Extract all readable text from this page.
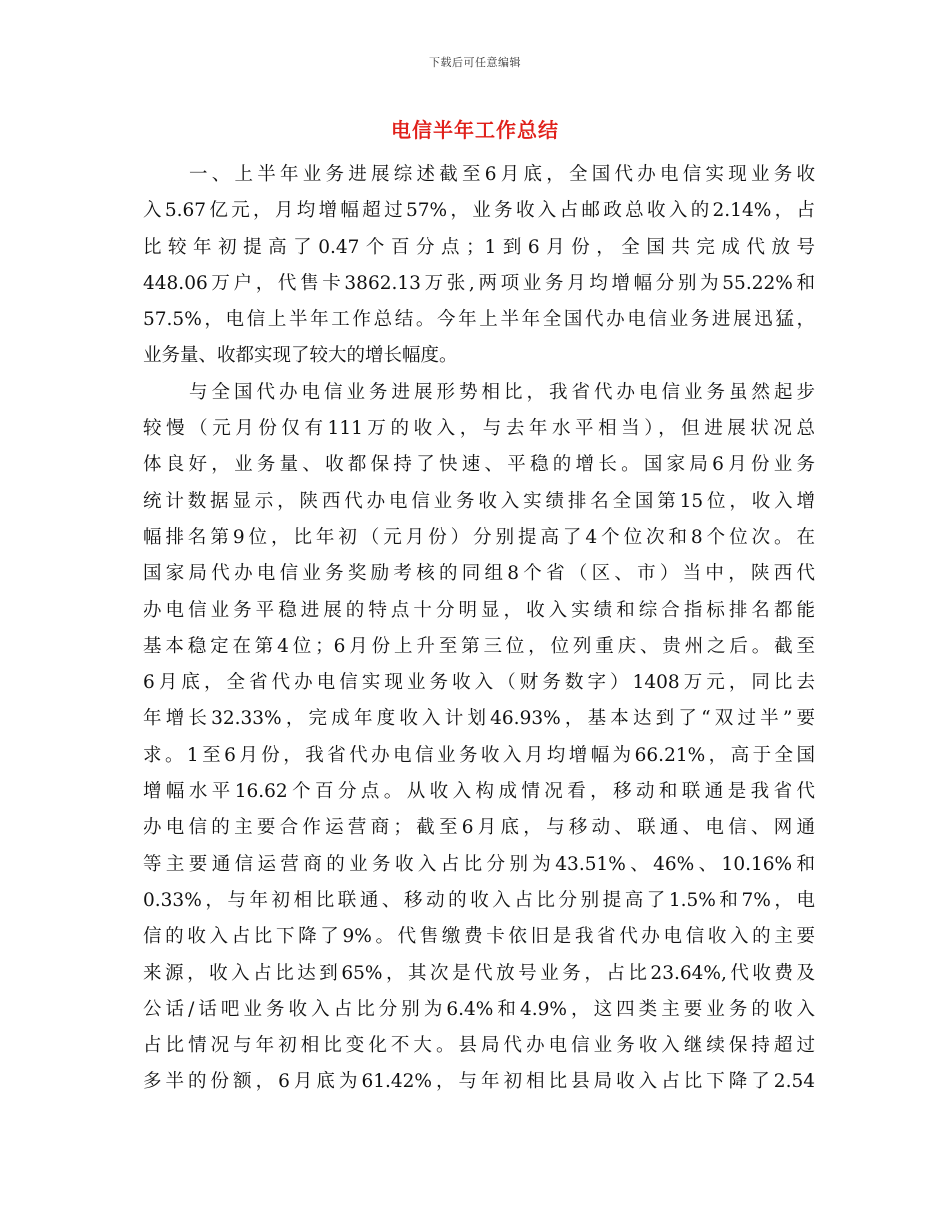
下载后可任意编辑
电信半年工作总结
一、上半年业务进展综述截至6月底，全国代办电信实现业务收
入5.67亿元，月均增幅超过57%，业务收入占邮政总收入的2.14%，占
比较年初提高了0.47个百分点；1到6月份，全国共完成代放号
448.06万户，代售卡3862.13万张,两项业务月均增幅分别为55.22%和
57.5%，电信上半年工作总结。今年上半年全国代办电信业务进展迅猛，
业务量、收都实现了较大的增长幅度。
与全国代办电信业务进展形势相比，我省代办电信业务虽然起步
较慢（元月份仅有111万的收入，与去年水平相当），但进展状况总
体良好，业务量、收都保持了快速、平稳的增长。国家局6月份业务
统计数据显示，陕西代办电信业务收入实绩排名全国第15位，收入增
幅排名第9位，比年初（元月份）分别提高了4个位次和8个位次。在
国家局代办电信业务奖励考核的同组8个省（区、市）当中，陕西代
办电信业务平稳进展的特点十分明显，收入实绩和综合指标排名都能
基本稳定在第4位；6月份上升至第三位，位列重庆、贵州之后。截至
6月底，全省代办电信实现业务收入（财务数字）1408万元，同比去
年增长32.33%，完成年度收入计划46.93%，基本达到了“双过半”要
求。1至6月份，我省代办电信业务收入月均增幅为66.21%，高于全国
增幅水平16.62个百分点。从收入构成情况看，移动和联通是我省代
办电信的主要合作运营商；截至6月底，与移动、联通、电信、网通
等主要通信运营商的业务收入占比分别为43.51%、46%、10.16%和
0.33%，与年初相比联通、移动的收入占比分别提高了1.5%和7%，电
信的收入占比下降了9%。代售缴费卡依旧是我省代办电信收入的主要
来源，收入占比达到65%，其次是代放号业务，占比23.64%,代收费及
公话/话吧业务收入占比分别为6.4%和4.9%，这四类主要业务的收入
占比情况与年初相比变化不大。县局代办电信业务收入继续保持超过
多半的份额，6月底为61.42%，与年初相比县局收入占比下降了2.54
